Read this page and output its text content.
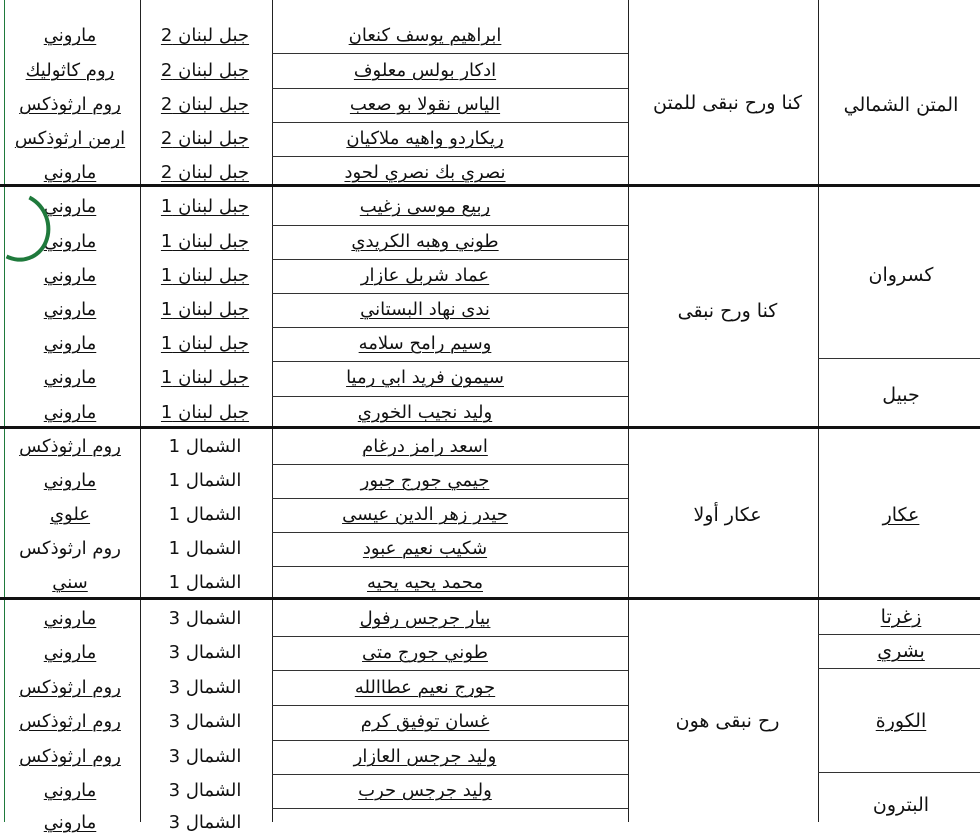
ابراهيم يوسف كنعان
ادكار بولس معلوف
الياس نقولا بو صعب
ريكاردو واهيه ملاكيان
نصري بك نصري لحود
ربيع موسى زغيب
طوني وهبه الكريدي
عماد شربل عازار
ندى نهاد البستاني
وسيم رامح سلامه
سيمون فريد ابي رميا
وليد نجيب الخوري
اسعد رامز درغام
جيمي جورج جبور
حيدر زهر الدين عيسى
شكيب نعيم عبود
محمد يحيه يحيه
بيار جرجس رفول
طوني جورج متى
جورج نعيم عطاالله
غسان توفيق كرم
وليد جرجس العازار
وليد جرجس حرب
جبل لبنان 2
جبل لبنان 2
جبل لبنان 2
جبل لبنان 2
جبل لبنان 2
جبل لبنان 1
جبل لبنان 1
جبل لبنان 1
جبل لبنان 1
جبل لبنان 1
جبل لبنان 1
جبل لبنان 1
الشمال 1
الشمال 1
الشمال 1
الشمال 1
الشمال 1
الشمال 3
الشمال 3
الشمال 3
الشمال 3
الشمال 3
الشمال 3
الشمال 3
ماروني
روم كاثوليك
روم ارثوذكس
ارمن ارثوذكس
ماروني
ماروني
ماروني
ماروني
ماروني
ماروني
ماروني
ماروني
روم ارثوذكس
ماروني
علوي
روم ارثوذكس
سني
ماروني
ماروني
روم ارثوذكس
روم ارثوذكس
روم ارثوذكس
ماروني
ماروني
كنا ورح نبقى للمتن
كنا ورح نبقى
عكار أولا
رح نبقى هون
المتن الشمالي
كسروان
جبيل
عكار
زغرتا
بشري
الكورة
البترون
